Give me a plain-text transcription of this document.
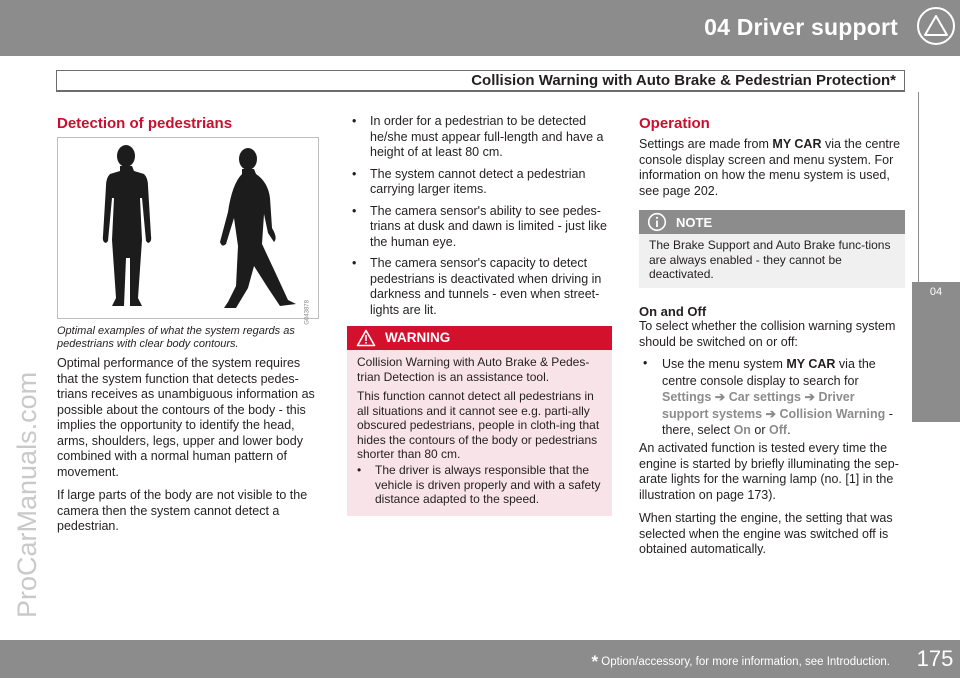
04 Driver support
Collision Warning with Auto Brake & Pedestrian Protection*
04
ProCarManuals.com
Detection of pedestrians
G043878
Optimal examples of what the system regards as pedestrians with clear body contours.
Optimal performance of the system requires that the system function that detects pedes-trians receives as unambiguous information as possible about the contours of the body - this implies the opportunity to identify the head, arms, shoulders, legs, upper and lower body combined with a normal human pattern of movement.
If large parts of the body are not visible to the camera then the system cannot detect a pedestrian.
• In order for a pedestrian to be detected he/she must appear full-length and have a height of at least 80 cm.
• The system cannot detect a pedestrian carrying larger items.
• The camera sensor's ability to see pedes-trians at dusk and dawn is limited - just like the human eye.
• The camera sensor's capacity to detect pedestrians is deactivated when driving in darkness and tunnels - even when street-lights are lit.
WARNING
Collision Warning with Auto Brake & Pedes-trian Detection is an assistance tool.
This function cannot detect all pedestrians in all situations and it cannot see e.g. parti-ally obscured pedestrians, people in cloth-ing that hides the contours of the body or pedestrians shorter than 80 cm.
• The driver is always responsible that the vehicle is driven properly and with a safety distance adapted to the speed.
Operation
Settings are made from MY CAR via the centre console display screen and menu system. For information on how the menu system is used, see page 202.
NOTE
The Brake Support and Auto Brake func-tions are always enabled - they cannot be deactivated.
On and Off
To select whether the collision warning system should be switched on or off:
• Use the menu system MY CAR via the centre console display to search for
Settings ➔ Car settings ➔ Driver
support systems ➔ Collision Warning -
there, select On or Off.
An activated function is tested every time the engine is started by briefly illuminating the sep-arate lights for the warning lamp (no. [1] in the illustration on page 173).
When starting the engine, the setting that was selected when the engine was switched off is obtained automatically.
* Option/accessory, for more information, see Introduction.	175
